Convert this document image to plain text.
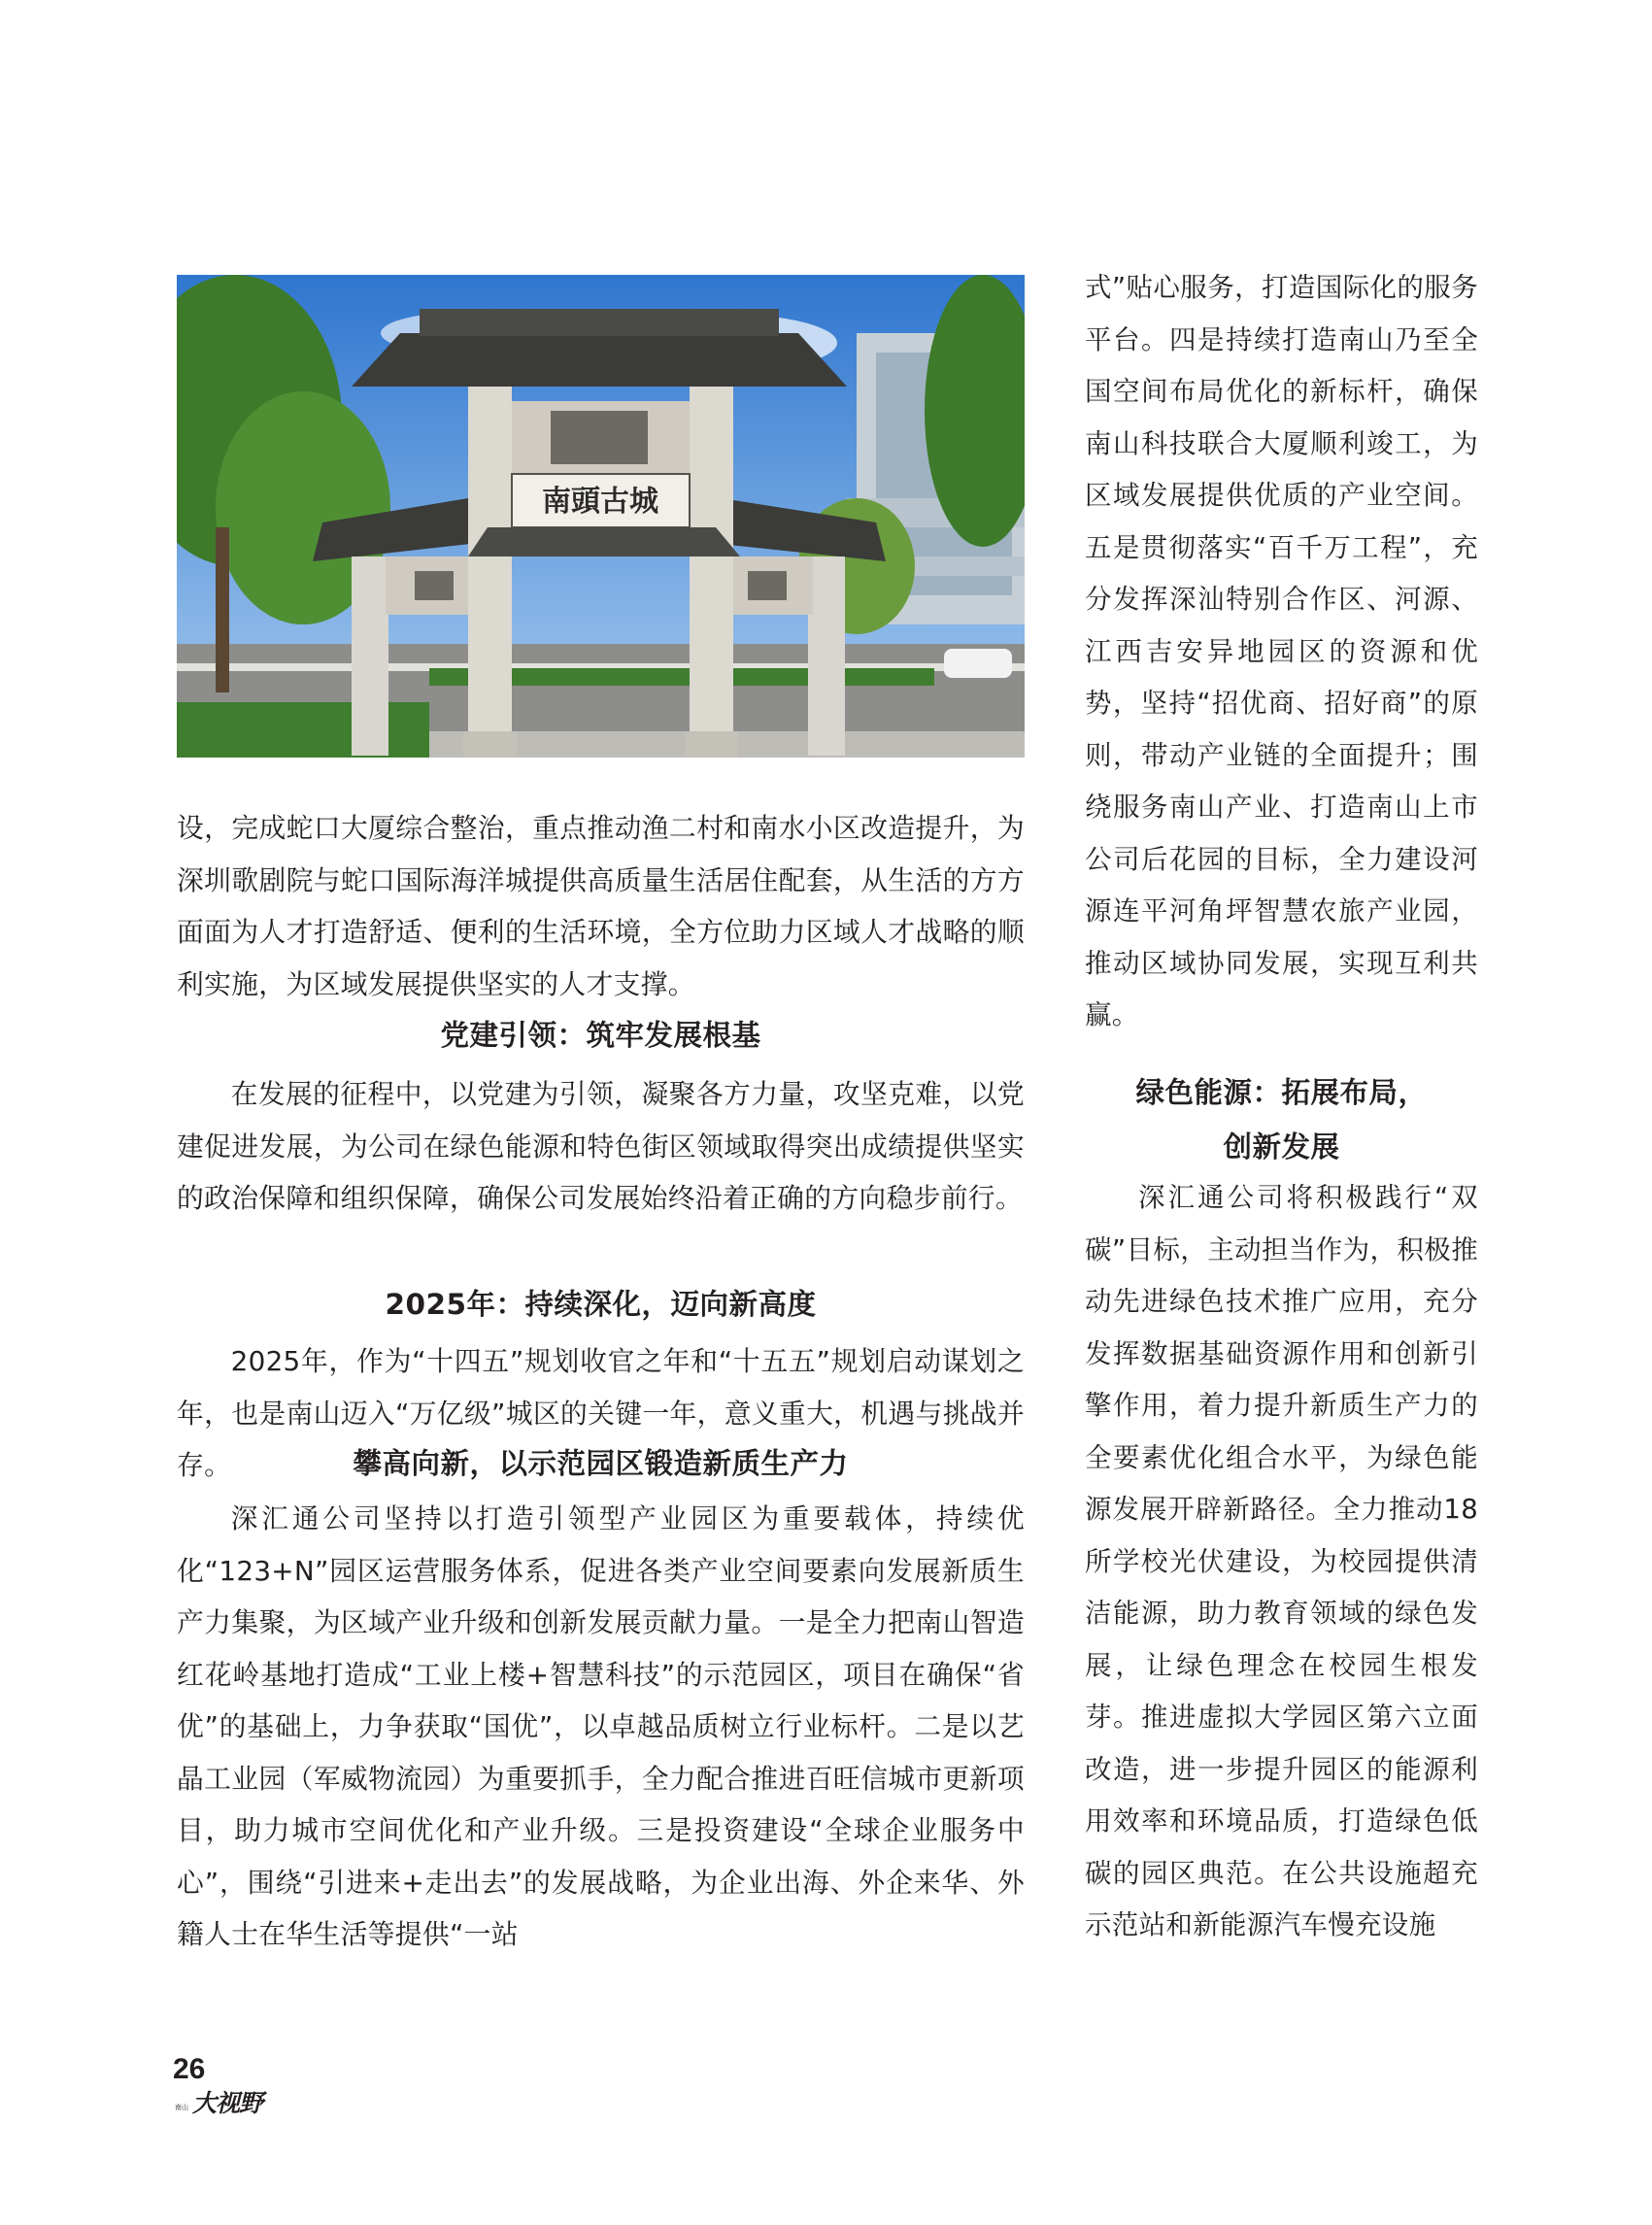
南頭古城

设，完成蛇口大厦综合整治，重点推动渔二村和南水小区改造提升，为深圳歌剧院与蛇口国际海洋城提供高质量生活居住配套，从生活的方方面面为人才打造舒适、便利的生活环境，全方位助力区域人才战略的顺利实施，为区域发展提供坚实的人才支撑。

党建引领：筑牢发展根基

在发展的征程中，以党建为引领，凝聚各方力量，攻坚克难，以党建促进发展，为公司在绿色能源和特色街区领域取得突出成绩提供坚实的政治保障和组织保障，确保公司发展始终沿着正确的方向稳步前行。

2025年：持续深化，迈向新高度

2025年，作为“十四五”规划收官之年和“十五五”规划启动谋划之年，也是南山迈入“万亿级”城区的关键一年，意义重大，机遇与挑战并存。	攀高向新，以示范园区锻造新质生产力

深汇通公司坚持以打造引领型产业园区为重要载体，持续优化“123+N”园区运营服务体系，促进各类产业空间要素向发展新质生产力集聚，为区域产业升级和创新发展贡献力量。一是全力把南山智造红花岭基地打造成“工业上楼+智慧科技”的示范园区，项目在确保“省优”的基础上，力争获取“国优”，以卓越品质树立行业标杆。二是以艺晶工业园（军威物流园）为重要抓手，全力配合推进百旺信城市更新项目，助力城市空间优化和产业升级。三是投资建设“全球企业服务中心”，围绕“引进来+走出去”的发展战略，为企业出海、外企来华、外籍人士在华生活等提供“一站

式”贴心服务，打造国际化的服务平台。四是持续打造南山乃至全国空间布局优化的新标杆，确保南山科技联合大厦顺利竣工，为区域发展提供优质的产业空间。五是贯彻落实“百千万工程”，充分发挥深汕特别合作区、河源、江西吉安异地园区的资源和优势，坚持“招优商、招好商”的原则，带动产业链的全面提升；围绕服务南山产业、打造南山上市公司后花园的目标，全力建设河源连平河角坪智慧农旅产业园，推动区域协同发展，实现互利共赢。

绿色能源：拓展布局，
创新发展

深汇通公司将积极践行“双碳”目标，主动担当作为，积极推动先进绿色技术推广应用，充分发挥数据基础资源作用和创新引擎作用，着力提升新质生产力的全要素优化组合水平，为绿色能源发展开辟新路径。全力推动18所学校光伏建设，为校园提供清洁能源，助力教育领域的绿色发展，让绿色理念在校园生根发芽。推进虚拟大学园区第六立面改造，进一步提升园区的能源利用效率和环境品质，打造绿色低碳的园区典范。在公共设施超充示范站和新能源汽车慢充设施

26
南山 大视野
